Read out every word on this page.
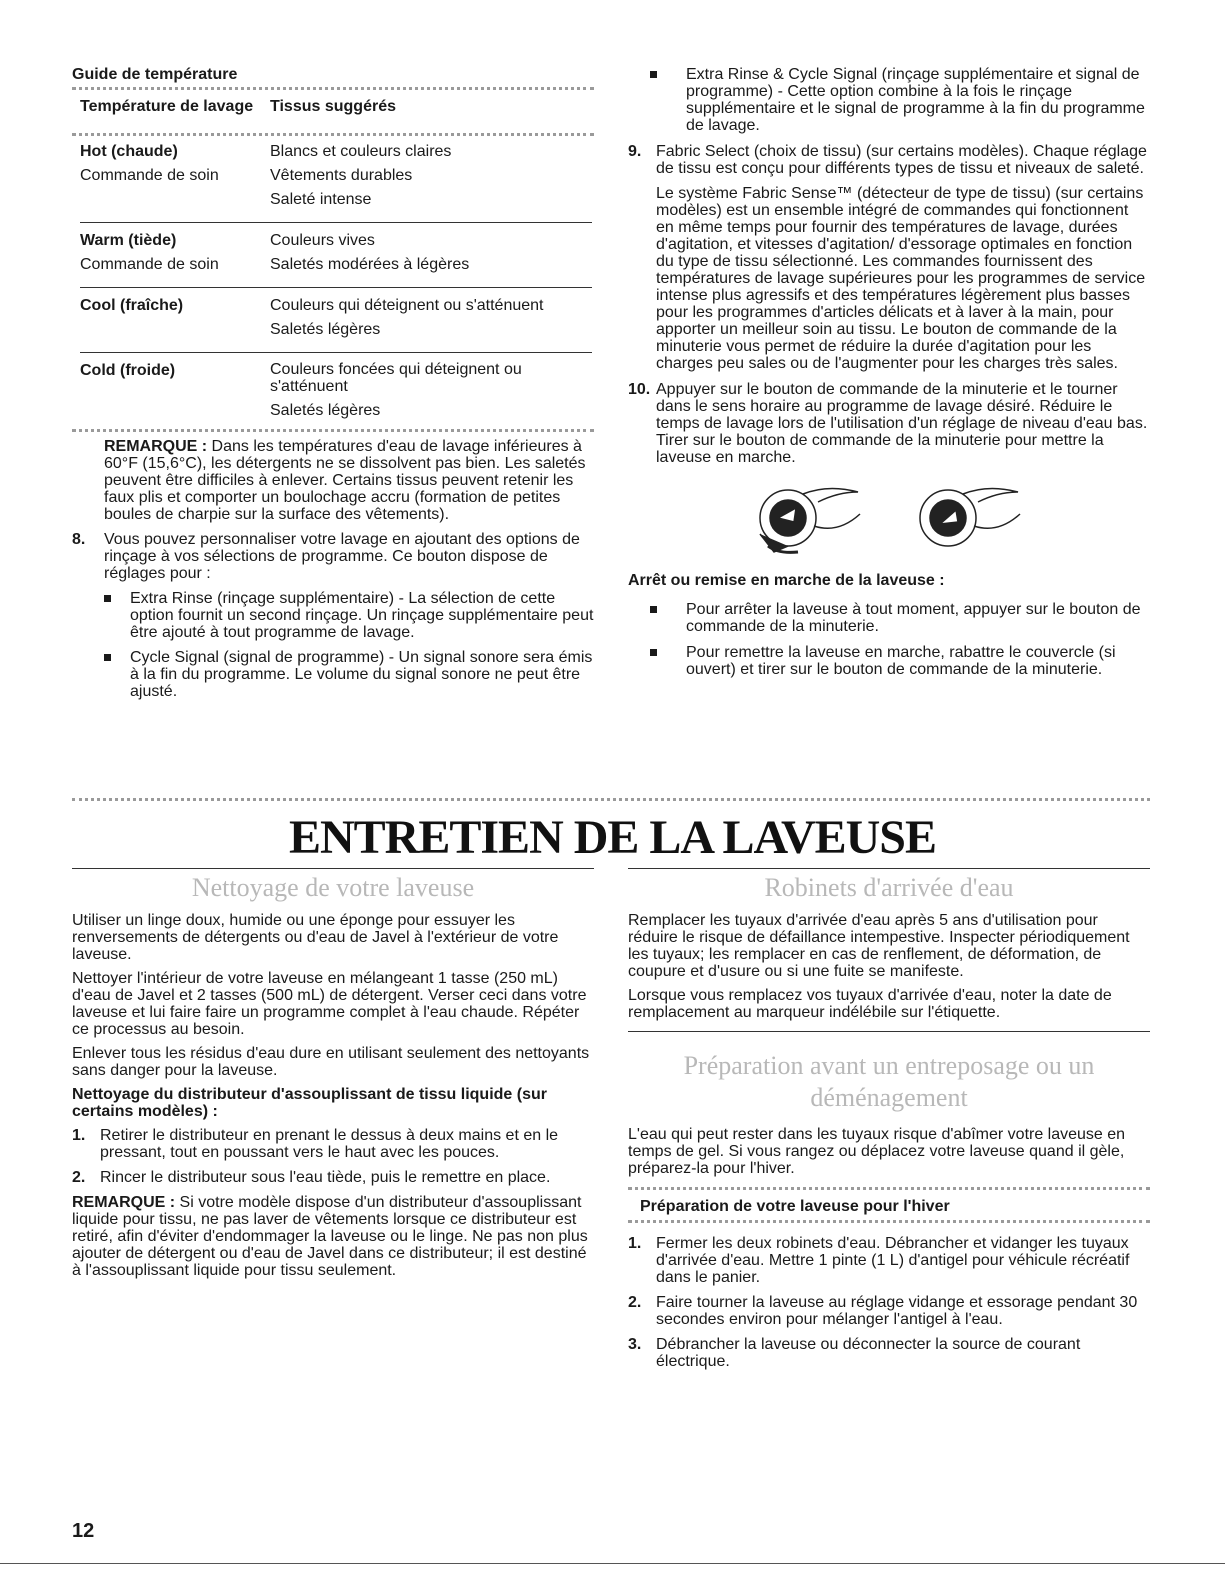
Guide de température
Température de lavage	Tissus suggérés
Hot (chaude)	Blancs et couleurs claires
Commande de soin	Vêtements durables
	Saleté intense
Warm (tiède)	Couleurs vives
Commande de soin	Saletés modérées à légères
Cool (fraîche)	Couleurs qui déteignent ou s'atténuent
	Saletés légères
Cold (froide)	Couleurs foncées qui déteignent ou s'atténuent
	Saletés légères

REMARQUE : Dans les températures d'eau de lavage inférieures à 60°F (15,6°C), les détergents ne se dissolvent pas bien. Les saletés peuvent être difficiles à enlever. Certains tissus peuvent retenir les faux plis et comporter un boulochage accru (formation de petites boules de charpie sur la surface des vêtements).

8. Vous pouvez personnaliser votre lavage en ajoutant des options de rinçage à vos sélections de programme. Ce bouton dispose de réglages pour :
Extra Rinse (rinçage supplémentaire) - La sélection de cette option fournit un second rinçage. Un rinçage supplémentaire peut être ajouté à tout programme de lavage.
Cycle Signal (signal de programme) - Un signal sonore sera émis à la fin du programme. Le volume du signal sonore ne peut être ajusté.
Extra Rinse & Cycle Signal (rinçage supplémentaire et signal de programme) - Cette option combine à la fois le rinçage supplémentaire et le signal de programme à la fin du programme de lavage.
9. Fabric Select (choix de tissu) (sur certains modèles). Chaque réglage de tissu est conçu pour différents types de tissu et niveaux de saleté.

Le système Fabric Sense™ (détecteur de type de tissu) (sur certains modèles) est un ensemble intégré de commandes qui fonctionnent en même temps pour fournir des températures de lavage, durées d'agitation, et vitesses d'agitation/ d'essorage optimales en fonction du type de tissu sélectionné. Les commandes fournissent des températures de lavage supérieures pour les programmes de service intense plus agressifs et des températures légèrement plus basses pour les programmes d'articles délicats et à laver à la main, pour apporter un meilleur soin au tissu. Le bouton de commande de la minuterie vous permet de réduire la durée d'agitation pour les charges peu sales ou de l'augmenter pour les charges très sales.

10. Appuyer sur le bouton de commande de la minuterie et le tourner dans le sens horaire au programme de lavage désiré. Réduire le temps de lavage lors de l'utilisation d'un réglage de niveau d'eau bas. Tirer sur le bouton de commande de la minuterie pour mettre la laveuse en marche.

Arrêt ou remise en marche de la laveuse :

Pour arrêter la laveuse à tout moment, appuyer sur le bouton de commande de la minuterie.
Pour remettre la laveuse en marche, rabattre le couvercle (si ouvert) et tirer sur le bouton de commande de la minuterie.
ENTRETIEN DE LA LAVEUSE
Nettoyage de votre laveuse

Utiliser un linge doux, humide ou une éponge pour essuyer les renversements de détergents ou d'eau de Javel à l'extérieur de votre laveuse.

Nettoyer l'intérieur de votre laveuse en mélangeant 1 tasse (250 mL) d'eau de Javel et 2 tasses (500 mL) de détergent. Verser ceci dans votre laveuse et lui faire faire un programme complet à l'eau chaude. Répéter ce processus au besoin.

Enlever tous les résidus d'eau dure en utilisant seulement des nettoyants sans danger pour la laveuse.

Nettoyage du distributeur d'assouplissant de tissu liquide (sur certains modèles) :

1. Retirer le distributeur en prenant le dessus à deux mains et en le pressant, tout en poussant vers le haut avec les pouces.
2. Rincer le distributeur sous l'eau tiède, puis le remettre en place.

REMARQUE : Si votre modèle dispose d'un distributeur d'assouplissant liquide pour tissu, ne pas laver de vêtements lorsque ce distributeur est retiré, afin d'éviter d'endommager la laveuse ou le linge. Ne pas non plus ajouter de détergent ou d'eau de Javel dans ce distributeur; il est destiné à l'assouplissant liquide pour tissu seulement.

Robinets d'arrivée d'eau

Remplacer les tuyaux d'arrivée d'eau après 5 ans d'utilisation pour réduire le risque de défaillance intempestive. Inspecter périodiquement les tuyaux; les remplacer en cas de renflement, de déformation, de coupure et d'usure ou si une fuite se manifeste.

Lorsque vous remplacez vos tuyaux d'arrivée d'eau, noter la date de remplacement au marqueur indélébile sur l'étiquette.

Préparation avant un entreposage ou un
déménagement

L'eau qui peut rester dans les tuyaux risque d'abîmer votre laveuse en temps de gel. Si vous rangez ou déplacez votre laveuse quand il gèle, préparez-la pour l'hiver.

Préparation de votre laveuse pour l'hiver
1. Fermer les deux robinets d'eau. Débrancher et vidanger les tuyaux d'arrivée d'eau. Mettre 1 pinte (1 L) d'antigel pour véhicule récréatif dans le panier.
2. Faire tourner la laveuse au réglage vidange et essorage pendant 30 secondes environ pour mélanger l'antigel à l'eau.
3. Débrancher la laveuse ou déconnecter la source de courant électrique.
12
